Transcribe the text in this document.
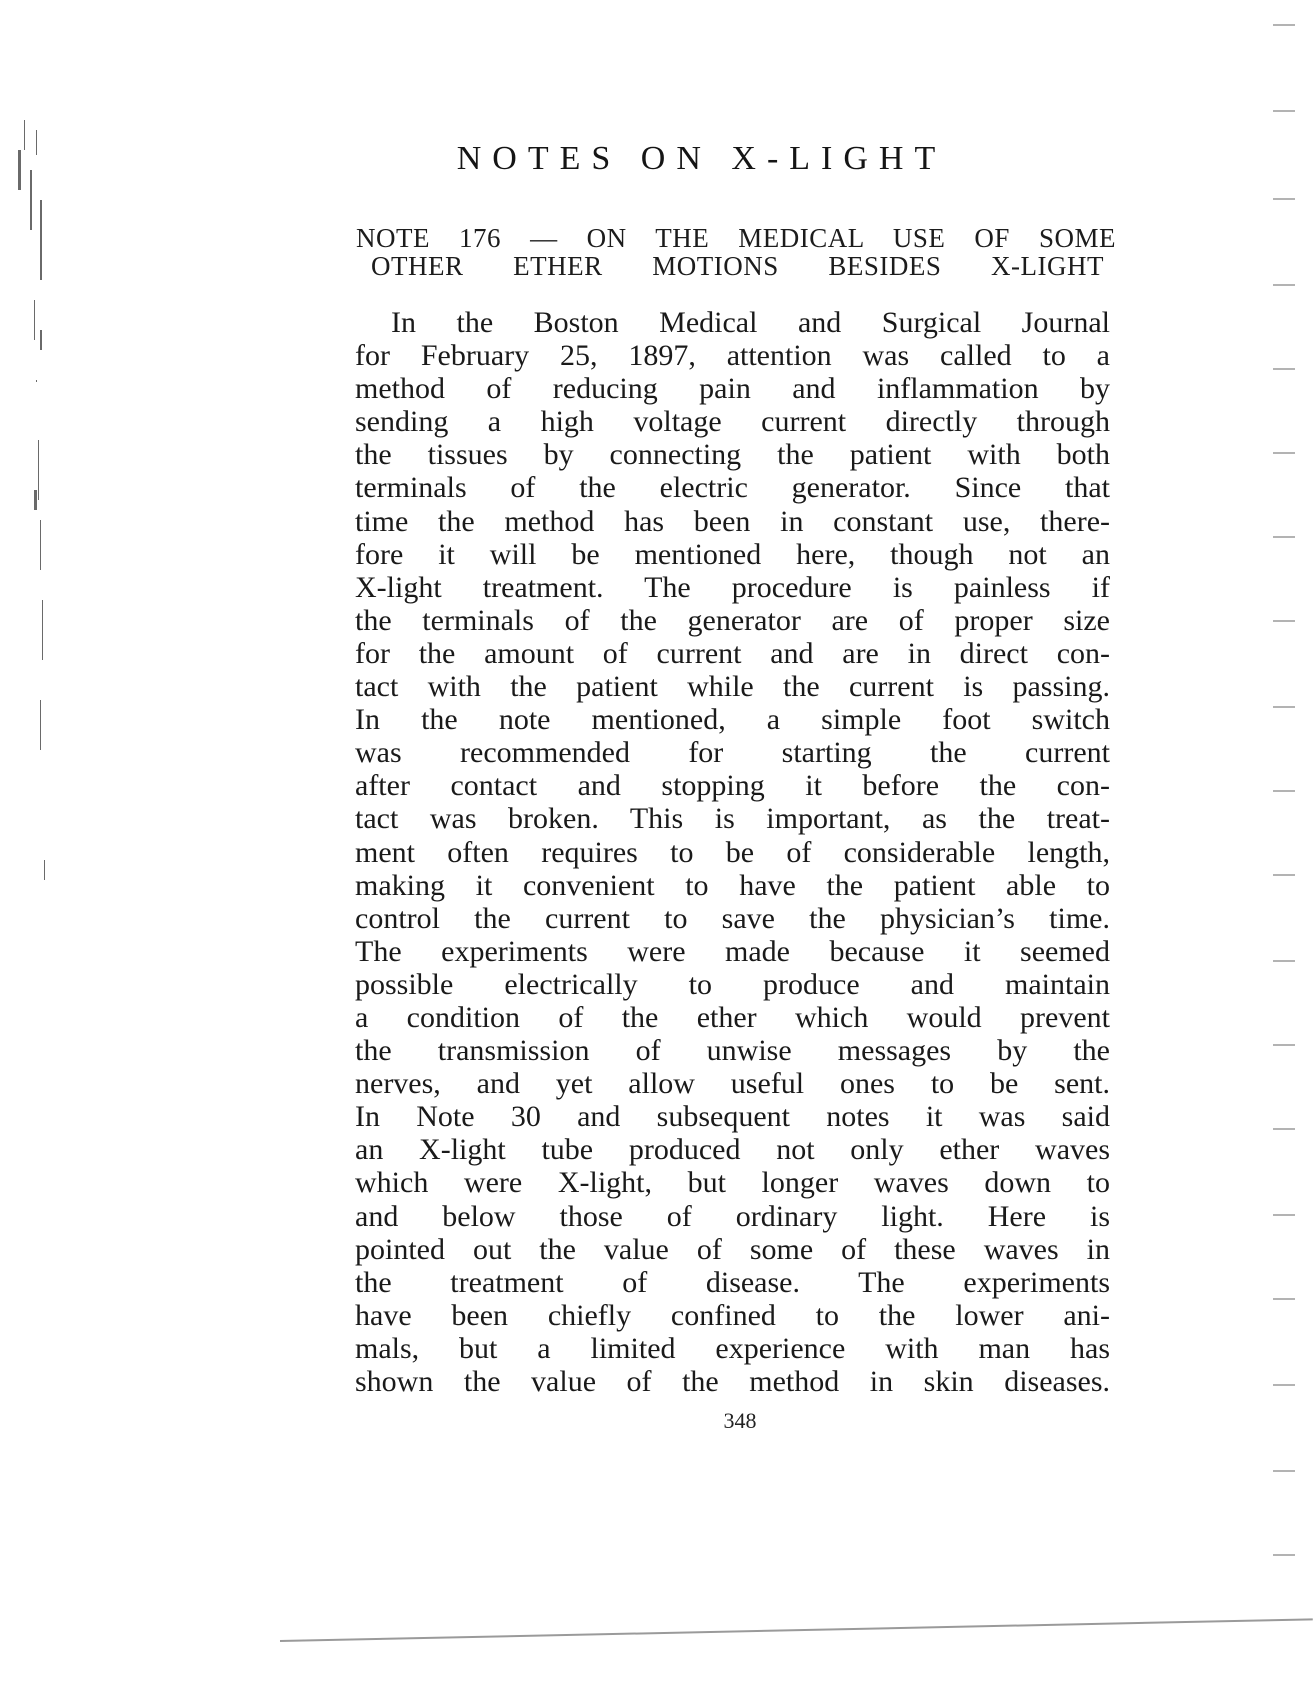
NOTES ON X-LIGHT
NOTE 176 — ON THE MEDICAL USE OF SOME
OTHER ETHER MOTIONS BESIDES X-LIGHT
In the Boston Medical and Surgical Journal
for February 25, 1897, attention was called to a
method of reducing pain and inflammation by
sending a high voltage current directly through
the tissues by connecting the patient with both
terminals of the electric generator. Since that
time the method has been in constant use, there-
fore it will be mentioned here, though not an
X-light treatment. The procedure is painless if
the terminals of the generator are of proper size
for the amount of current and are in direct con-
tact with the patient while the current is passing.
In the note mentioned, a simple foot switch
was recommended for starting the current
after contact and stopping it before the con-
tact was broken. This is important, as the treat-
ment often requires to be of considerable length,
making it convenient to have the patient able to
control the current to save the physician’s time.
The experiments were made because it seemed
possible electrically to produce and maintain
a condition of the ether which would prevent
the transmission of unwise messages by the
nerves, and yet allow useful ones to be sent.
In Note 30 and subsequent notes it was said
an X-light tube produced not only ether waves
which were X-light, but longer waves down to
and below those of ordinary light. Here is
pointed out the value of some of these waves in
the treatment of disease. The experiments
have been chiefly confined to the lower ani-
mals, but a limited experience with man has
shown the value of the method in skin diseases.
348
